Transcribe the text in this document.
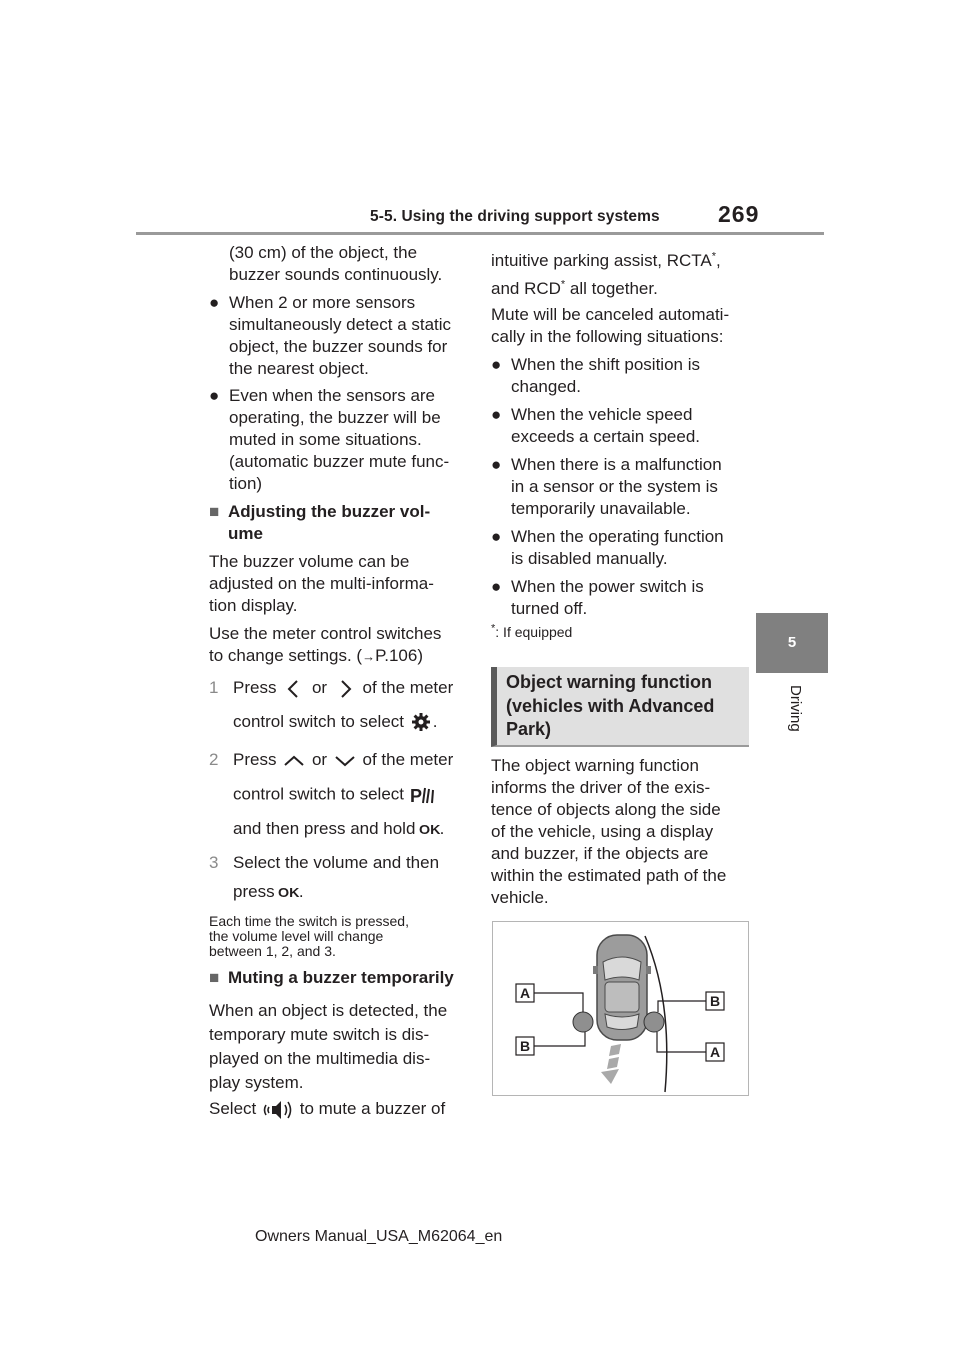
5-5. Using the driving support systems	269
5
Driving
(30 cm) of the object, the
buzzer sounds continuously.
● When 2 or more sensors
simultaneously detect a static
object, the buzzer sounds for
the nearest object.
● Even when the sensors are
operating, the buzzer will be
muted in some situations.
(automatic buzzer mute func-
tion)
■ Adjusting the buzzer vol-
ume
The buzzer volume can be
adjusted on the multi-informa-
tion display.
Use the meter control switches
to change settings. (→P.106)
1 Press or of the meter
control switch to select .
2 Press or of the meter
control switch to select P
and then press and hold OK.
3 Select the volume and then
press OK.
Each time the switch is pressed,
the volume level will change
between 1, 2, and 3.
■ Muting a buzzer temporarily
When an object is detected, the
temporary mute switch is dis-
played on the multimedia dis-
play system.
Select	to mute a buzzer of
intuitive parking assist, RCTA*,
and RCD* all together.
Mute will be canceled automati-
cally in the following situations:
● When the shift position is
changed.
● When the vehicle speed
exceeds a certain speed.
● When there is a malfunction
in a sensor or the system is
temporarily unavailable.
● When the operating function
is disabled manually.
● When the power switch is
turned off.
*: If equipped
Object warning function
(vehicles with Advanced
Park)
The object warning function
informs the driver of the exis-
tence of objects along the side
of the vehicle, using a display
and buzzer, if the objects are
within the estimated path of the
vehicle.
A	B
B	A
Owners Manual_USA_M62064_en
